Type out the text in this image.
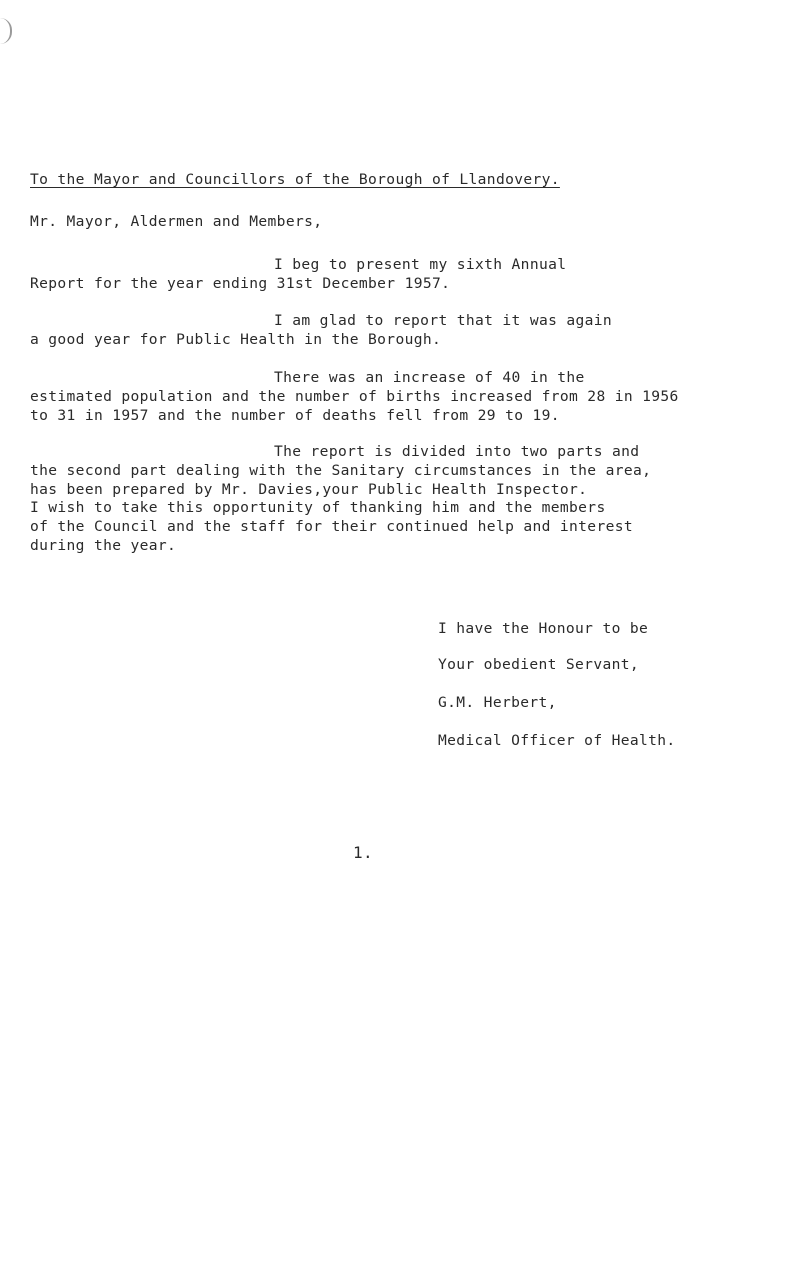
To the Mayor and Councillors of the Borough of Llandovery.
Mr. Mayor, Aldermen and Members,
I beg to present my sixth Annual
Report for the year ending 31st December 1957.
I am glad to report that it was again
a good year for Public Health in the Borough.
There was an increase of 40 in the
estimated population and the number of births increased from 28 in 1956
to 31 in 1957 and the number of deaths fell from 29 to 19.
The report is divided into two parts and
the second part dealing with the Sanitary circumstances in the area,
has been prepared by Mr. Davies,your Public Health Inspector.
I wish to take this opportunity of thanking him and the members
of the Council and the staff for their continued help and interest
during the year.
I have the Honour to be
Your obedient Servant,
G.M. Herbert,
Medical Officer of Health.
1.
